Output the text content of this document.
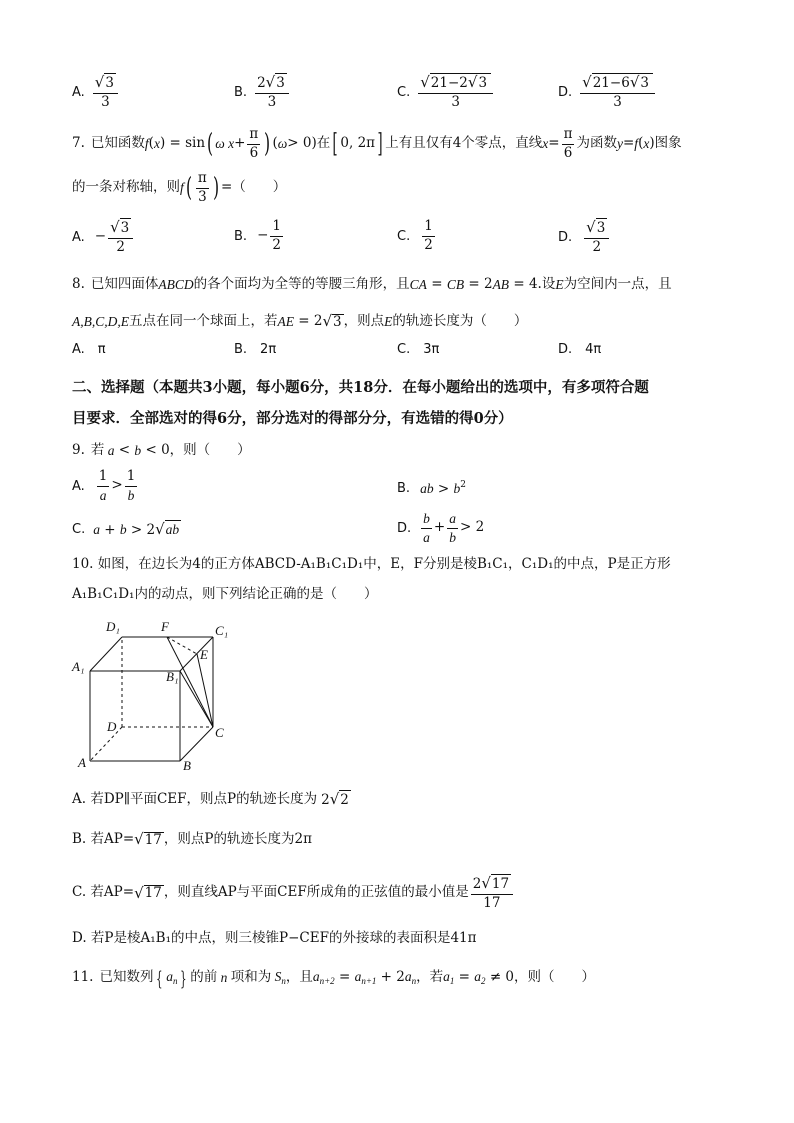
A. $\frac{√3}{3}$	B. $\frac{2√3}{3}$	C. $\frac{√21-2√3}{3}$	D. $\frac{√21-6√3}{3}$
7. 已知函数 f ( x ) = sin ( ω $x + \frac{\pi}{6}$ ) ( ω > 0) 在 [ 0, 2π ] 上有且仅有4个零点，直线 $x = \frac{\pi}{6}$ 为函数 y = f ( x ) 图象
的一条对称轴，则 f ( $\frac{\pi}{3}$ ) =（　　）
A. − $\frac{√3}{2}$	B. − $\frac{1}{2}$	C. $\frac{1}{2}$	D. $\frac{√3}{2}$
8. 已知四面体 ABCD 的各个面均为全等的等腰三角形，且 CA = CB = 2 AB = 4 .设 E 为空间内一点，且
A,B,C,D,E 五点在同一个球面上，若 AE = 2 √ 3 ，则点 E 的轨迹长度为（　　）
A.　π	B.　2π	C.　3π	D.　4π
二、选择题（本题共3小题，每小题6分，共18分．在每小题给出的选项中，有多项符合题
目要求．全部选对的得6分，部分选对的得部分分，有选错的得0分）
9. 若 a < b < 0 ，则（　　）
A. $\frac{1}{a} > \frac{1}{b}$	B. ab > $b^2$
C. a + b > 2√ab	D. $\frac{b}{a} + \frac{a}{b} > 2$
10. 如图，在边长为4的正方体ABCD-A₁B₁C₁D₁中，E，F分别是棱B₁C₁，C₁D₁的中点，P是正方形
A₁B₁C₁D₁内的动点，则下列结论正确的是（　　）
D₁	F	C₁
E
A₁
B₁
D	C
A	B
A. 若DP∥平面CEF，则点P的轨迹长度为 2√2
B. 若AP= √ 17 ，则点P的轨迹长度为2π
C. 若AP= √ 17 ，则直线AP与平面CEF所成角的正弦值的最小值是 $\frac{2√17}{17}$
D. 若P是棱A₁B₁的中点，则三棱锥P−CEF的外接球的表面积是41π
11. 已知数列 { $a_n$ } 的前 n 项和为 $S_n$ ，且 $a_{n+2} = a_{n+1} + 2$ $a_n$ ，若 $a_1 = a_2 \ne 0$ ，则（　　）
